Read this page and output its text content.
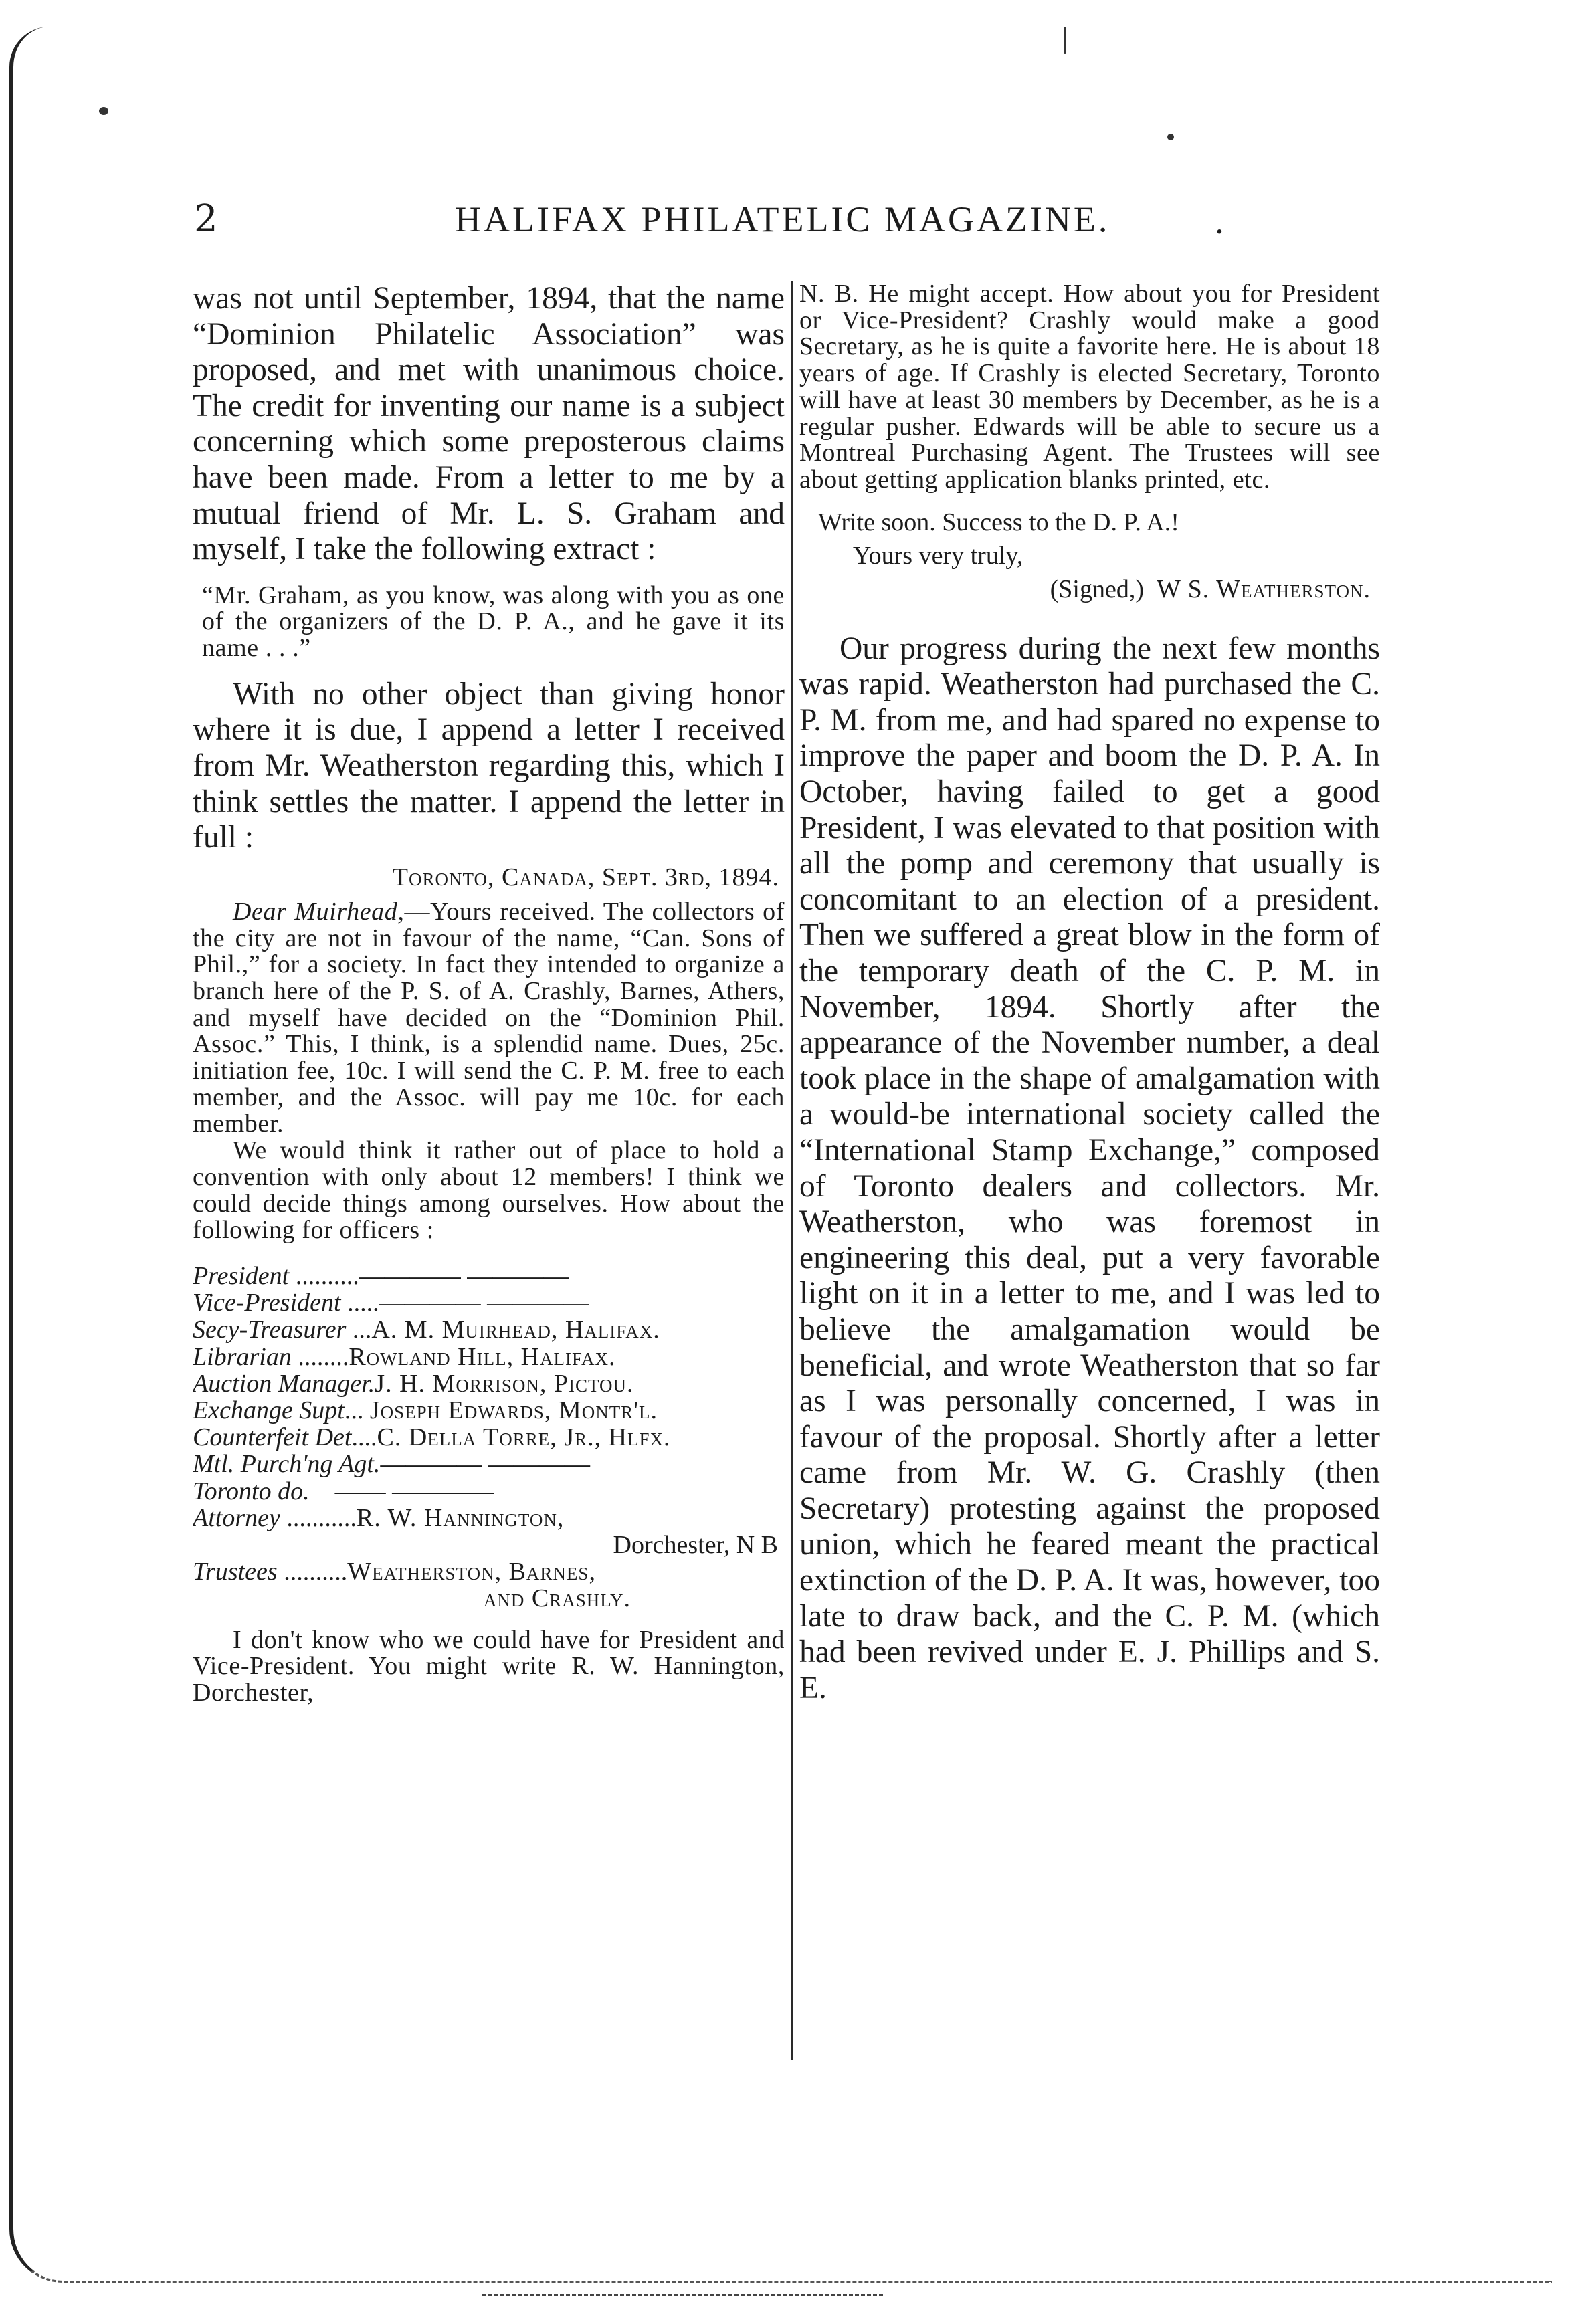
2	HALIFAX PHILATELIC MAGAZINE.	.

was not until September, 1894, that the name “Dominion Philatelic Association” was proposed, and met with unanimous choice. The credit for inventing our name is a subject concerning which some preposterous claims have been made. From a letter to me by a mutual friend of Mr. L. S. Graham and myself, I take the following extract :

“Mr. Graham, as you know, was along with you as one of the organizers of the D. P. A., and he gave it its name . . .”

With no other object than giving honor where it is due, I append a letter I received from Mr. Weatherston regarding this, which I think settles the matter. I append the letter in full :

Toronto, Canada, Sept. 3rd, 1894.

Dear Muirhead,—Yours received. The collectors of the city are not in favour of the name, “Can. Sons of Phil.,” for a society. In fact they intended to organize a branch here of the P. S. of A. Crashly, Barnes, Athers, and myself have decided on the “Dominion Phil. Assoc.” This, I think, is a splendid name. Dues, 25c. initiation fee, 10c. I will send the C. P. M. free to each member, and the Assoc. will pay me 10c. for each member.

We would think it rather out of place to hold a convention with only about 12 members! I think we could decide things among ourselves. How about the following for officers :

President ..........———— ————
Vice-President .....———— ————
Secy-Treasurer ...A. M. Muirhead, Halifax.
Librarian ........Rowland Hill, Halifax.
Auction Manager.J. H. Morrison, Pictou.
Exchange Supt... Joseph Edwards, Montr'l.
Counterfeit Det....C. Della Torre, Jr., Hlfx.
Mtl. Purch'ng Agt.———— ————
Toronto do. —— ————
Attorney ...........R. W. Hannington,
Dorchester, N B
Trustees ..........Weatherston, Barnes,
and Crashly.

I don't know who we could have for President and Vice-President. You might write R. W. Hannington, Dorchester,

N. B. He might accept. How about you for President or Vice-President? Crashly would make a good Secretary, as he is quite a favorite here. He is about 18 years of age. If Crashly is elected Secretary, Toronto will have at least 30 members by December, as he is a regular pusher. Edwards will be able to secure us a Montreal Purchasing Agent. The Trustees will see about getting application blanks printed, etc.

Write soon. Success to the D. P. A.!

Yours very truly,

(Signed,) W S. Weatherston.

Our progress during the next few months was rapid. Weatherston had purchased the C. P. M. from me, and had spared no expense to improve the paper and boom the D. P. A. In October, having failed to get a good President, I was elevated to that position with all the pomp and ceremony that usually is concomitant to an election of a president. Then we suffered a great blow in the form of the temporary death of the C. P. M. in November, 1894. Shortly after the appearance of the November number, a deal took place in the shape of amalgamation with a would-be international society called the “International Stamp Exchange,” composed of Toronto dealers and collectors. Mr. Weatherston, who was foremost in engineering this deal, put a very favorable light on it in a letter to me, and I was led to believe the amalgamation would be beneficial, and wrote Weatherston that so far as I was personally concerned, I was in favour of the proposal. Shortly after a letter came from Mr. W. G. Crashly (then Secretary) protesting against the proposed union, which he feared meant the practical extinction of the D. P. A. It was, however, too late to draw back, and the C. P. M. (which had been revived under E. J. Phillips and S. E.
